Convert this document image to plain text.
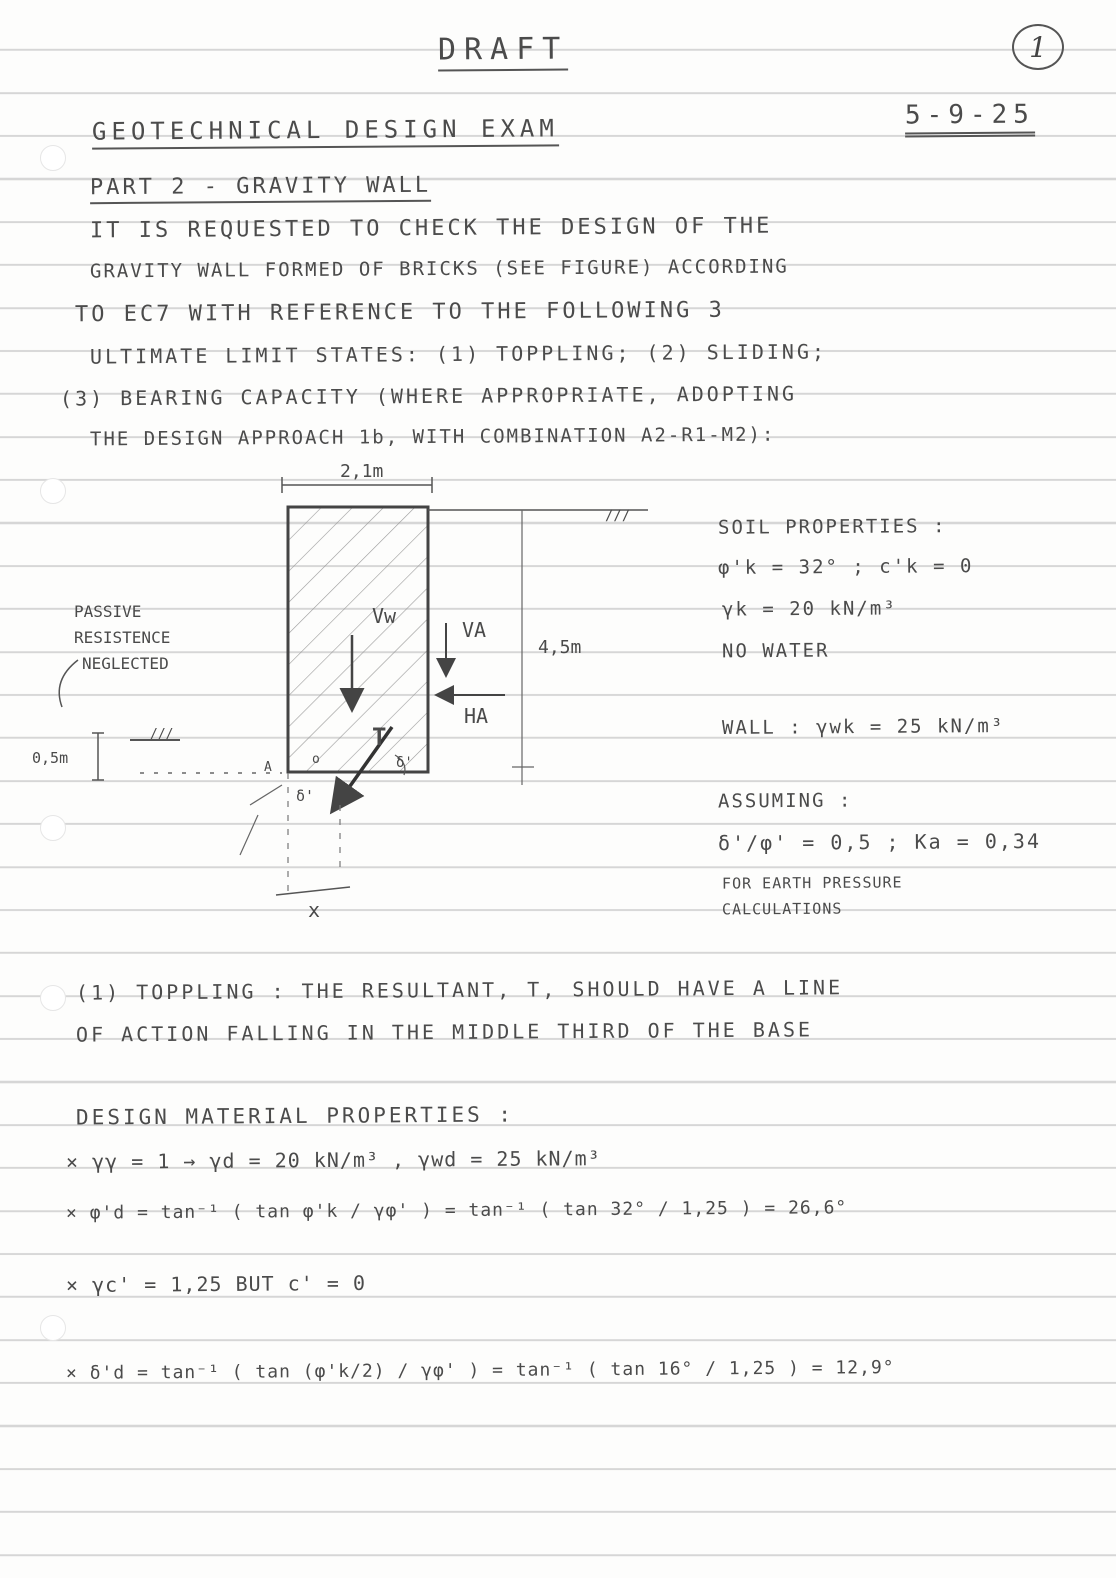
DRAFT	1
GEOTECHNICAL DESIGN EXAM	5-9-25
PART 2 - GRAVITY WALL
IT IS REQUESTED TO CHECK THE DESIGN OF THE
GRAVITY WALL FORMED OF BRICKS (SEE FIGURE) ACCORDING
TO EC7 WITH REFERENCE TO THE FOLLOWING 3
ULTIMATE LIMIT STATES: (1) TOPPLING; (2) SLIDING;
(3) BEARING CAPACITY (WHERE APPROPRIATE, ADOPTING
THE DESIGN APPROACH 1b, WITH COMBINATION A2-R1-M2):
2,1m
///
4,5m
///
0,5m
PASSIVE
RESISTENCE
NEGLECTED
Vw
VA
HA
T
δ'
δ'
A
o
x
SOIL PROPERTIES :
φ'k = 32° ; c'k = 0
γk = 20 kN/m³
NO WATER
WALL : γwk = 25 kN/m³
ASSUMING :
δ'/φ' = 0,5 ; Ka = 0,34
FOR EARTH PRESSURE
CALCULATIONS
(1) TOPPLING : THE RESULTANT, T, SHOULD HAVE A LINE
OF ACTION FALLING IN THE MIDDLE THIRD OF THE BASE
DESIGN MATERIAL PROPERTIES :
× γγ = 1 → γd = 20 kN/m³ , γwd = 25 kN/m³
× φ'd = tan⁻¹ ( tan φ'k / γφ' ) = tan⁻¹ ( tan 32° / 1,25 ) = 26,6°
× γc' = 1,25 BUT c' = 0
× δ'd = tan⁻¹ ( tan (φ'k/2) / γφ' ) = tan⁻¹ ( tan 16° / 1,25 ) = 12,9°
